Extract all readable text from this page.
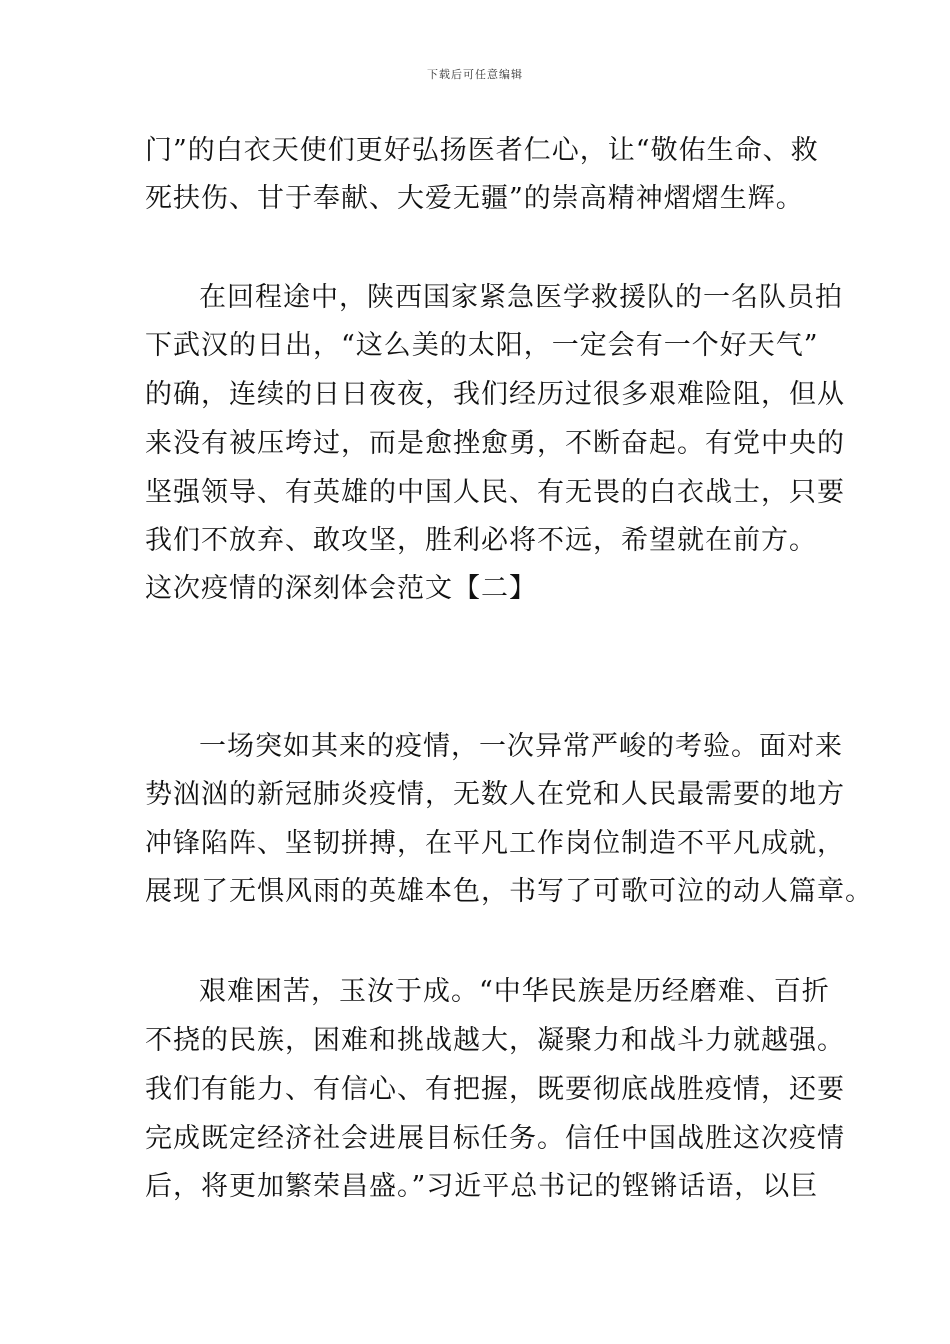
下载后可任意编辑
门”的白衣天使们更好弘扬医者仁心，让“敬佑生命、救
死扶伤、甘于奉献、大爱无疆”的崇高精神熠熠生辉。
在回程途中，陕西国家紧急医学救援队的一名队员拍
下武汉的日出，“这么美的太阳，一定会有一个好天气”
的确，连续的日日夜夜，我们经历过很多艰难险阻，但从
来没有被压垮过，而是愈挫愈勇，不断奋起。有党中央的
坚强领导、有英雄的中国人民、有无畏的白衣战士，只要
我们不放弃、敢攻坚，胜利必将不远，希望就在前方。
这次疫情的深刻体会范文【二】
一场突如其来的疫情，一次异常严峻的考验。面对来
势汹汹的新冠肺炎疫情，无数人在党和人民最需要的地方
冲锋陷阵、坚韧拼搏，在平凡工作岗位制造不平凡成就，
展现了无惧风雨的英雄本色，书写了可歌可泣的动人篇章。
艰难困苦，玉汝于成。“中华民族是历经磨难、百折
不挠的民族，困难和挑战越大，凝聚力和战斗力就越强。
我们有能力、有信心、有把握，既要彻底战胜疫情，还要
完成既定经济社会进展目标任务。信任中国战胜这次疫情
后，将更加繁荣昌盛。”习近平总书记的铿锵话语，以巨
